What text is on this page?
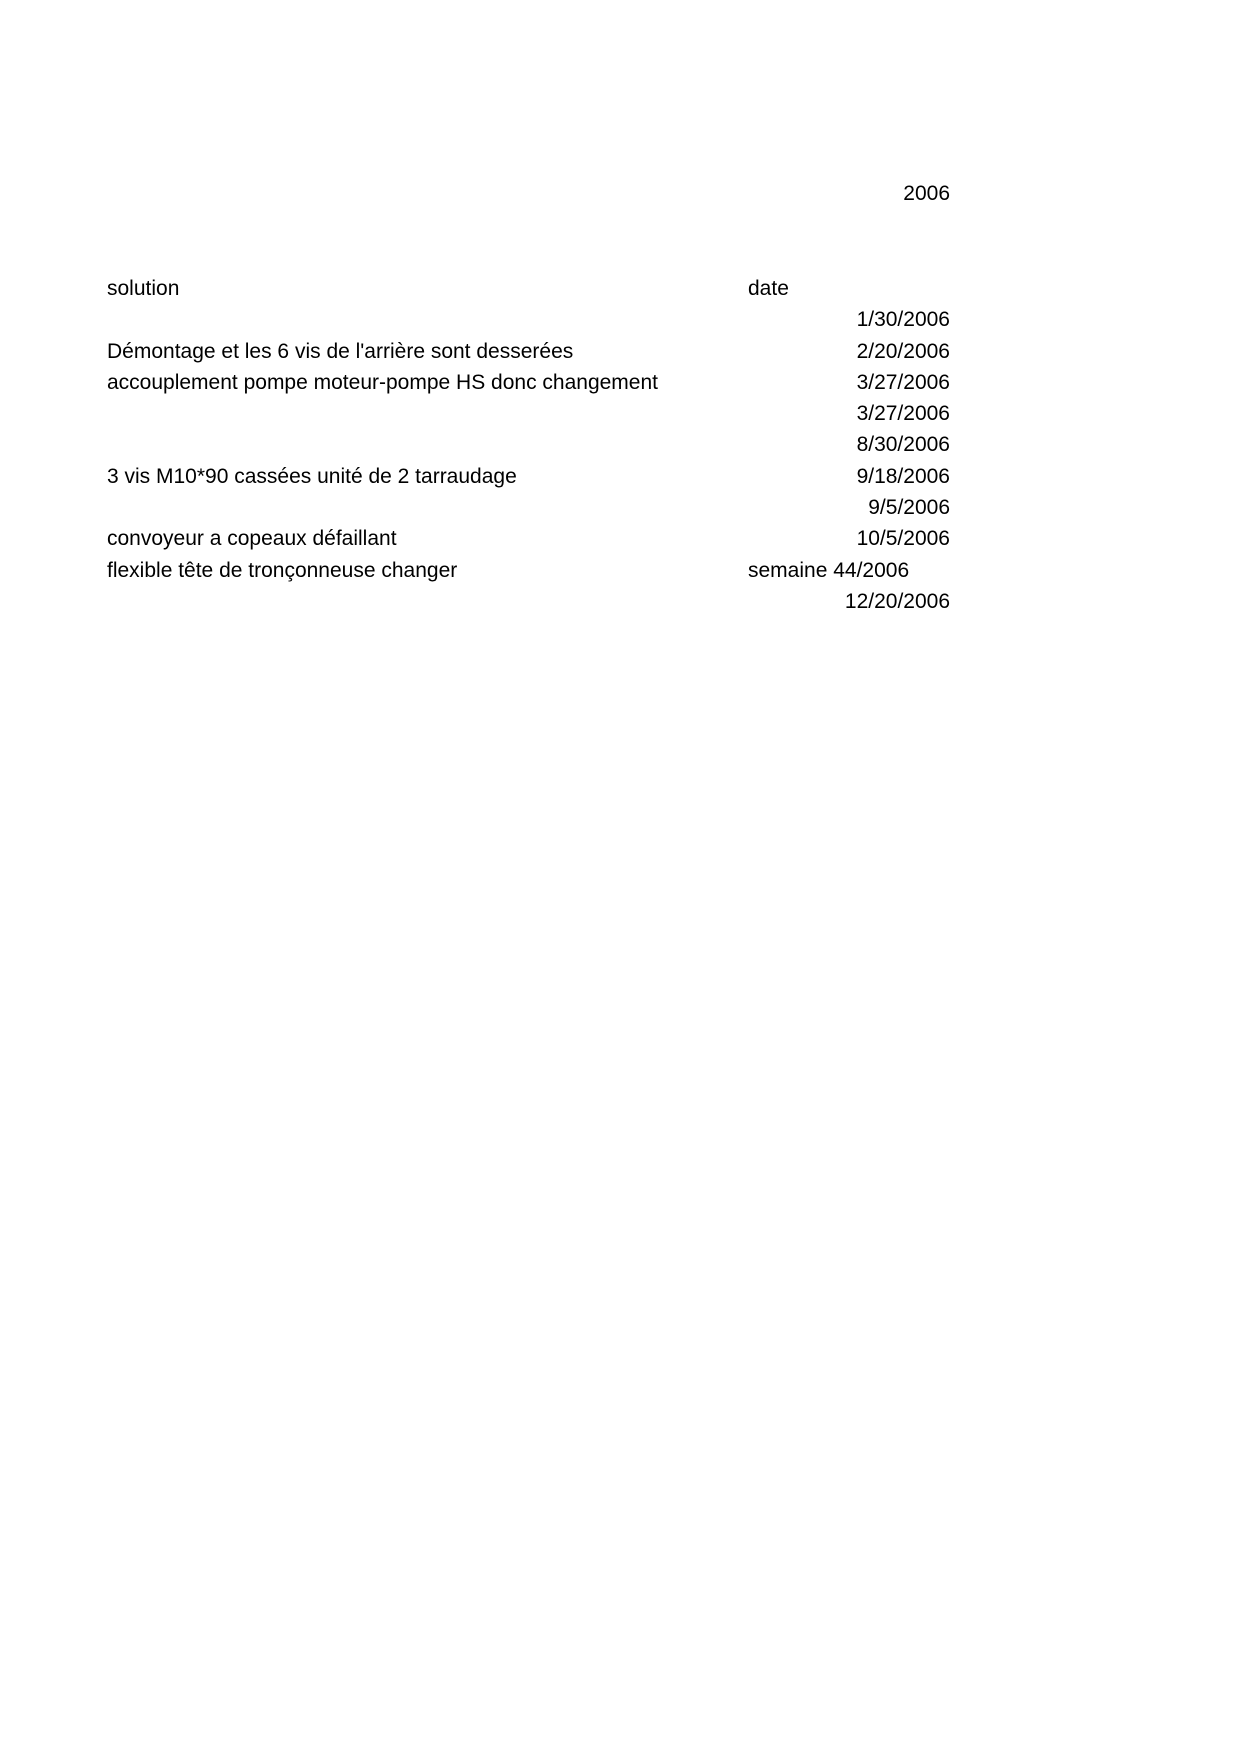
2006
solution	date
1/30/2006
Démontage et les 6 vis de l'arrière sont desserées	2/20/2006
accouplement pompe moteur-pompe HS donc changement	3/27/2006
3/27/2006
8/30/2006
3 vis M10*90 cassées unité de 2 tarraudage	9/18/2006
9/5/2006
convoyeur a copeaux défaillant	10/5/2006
flexible tête de tronçonneuse changer	semaine 44/2006
12/20/2006
